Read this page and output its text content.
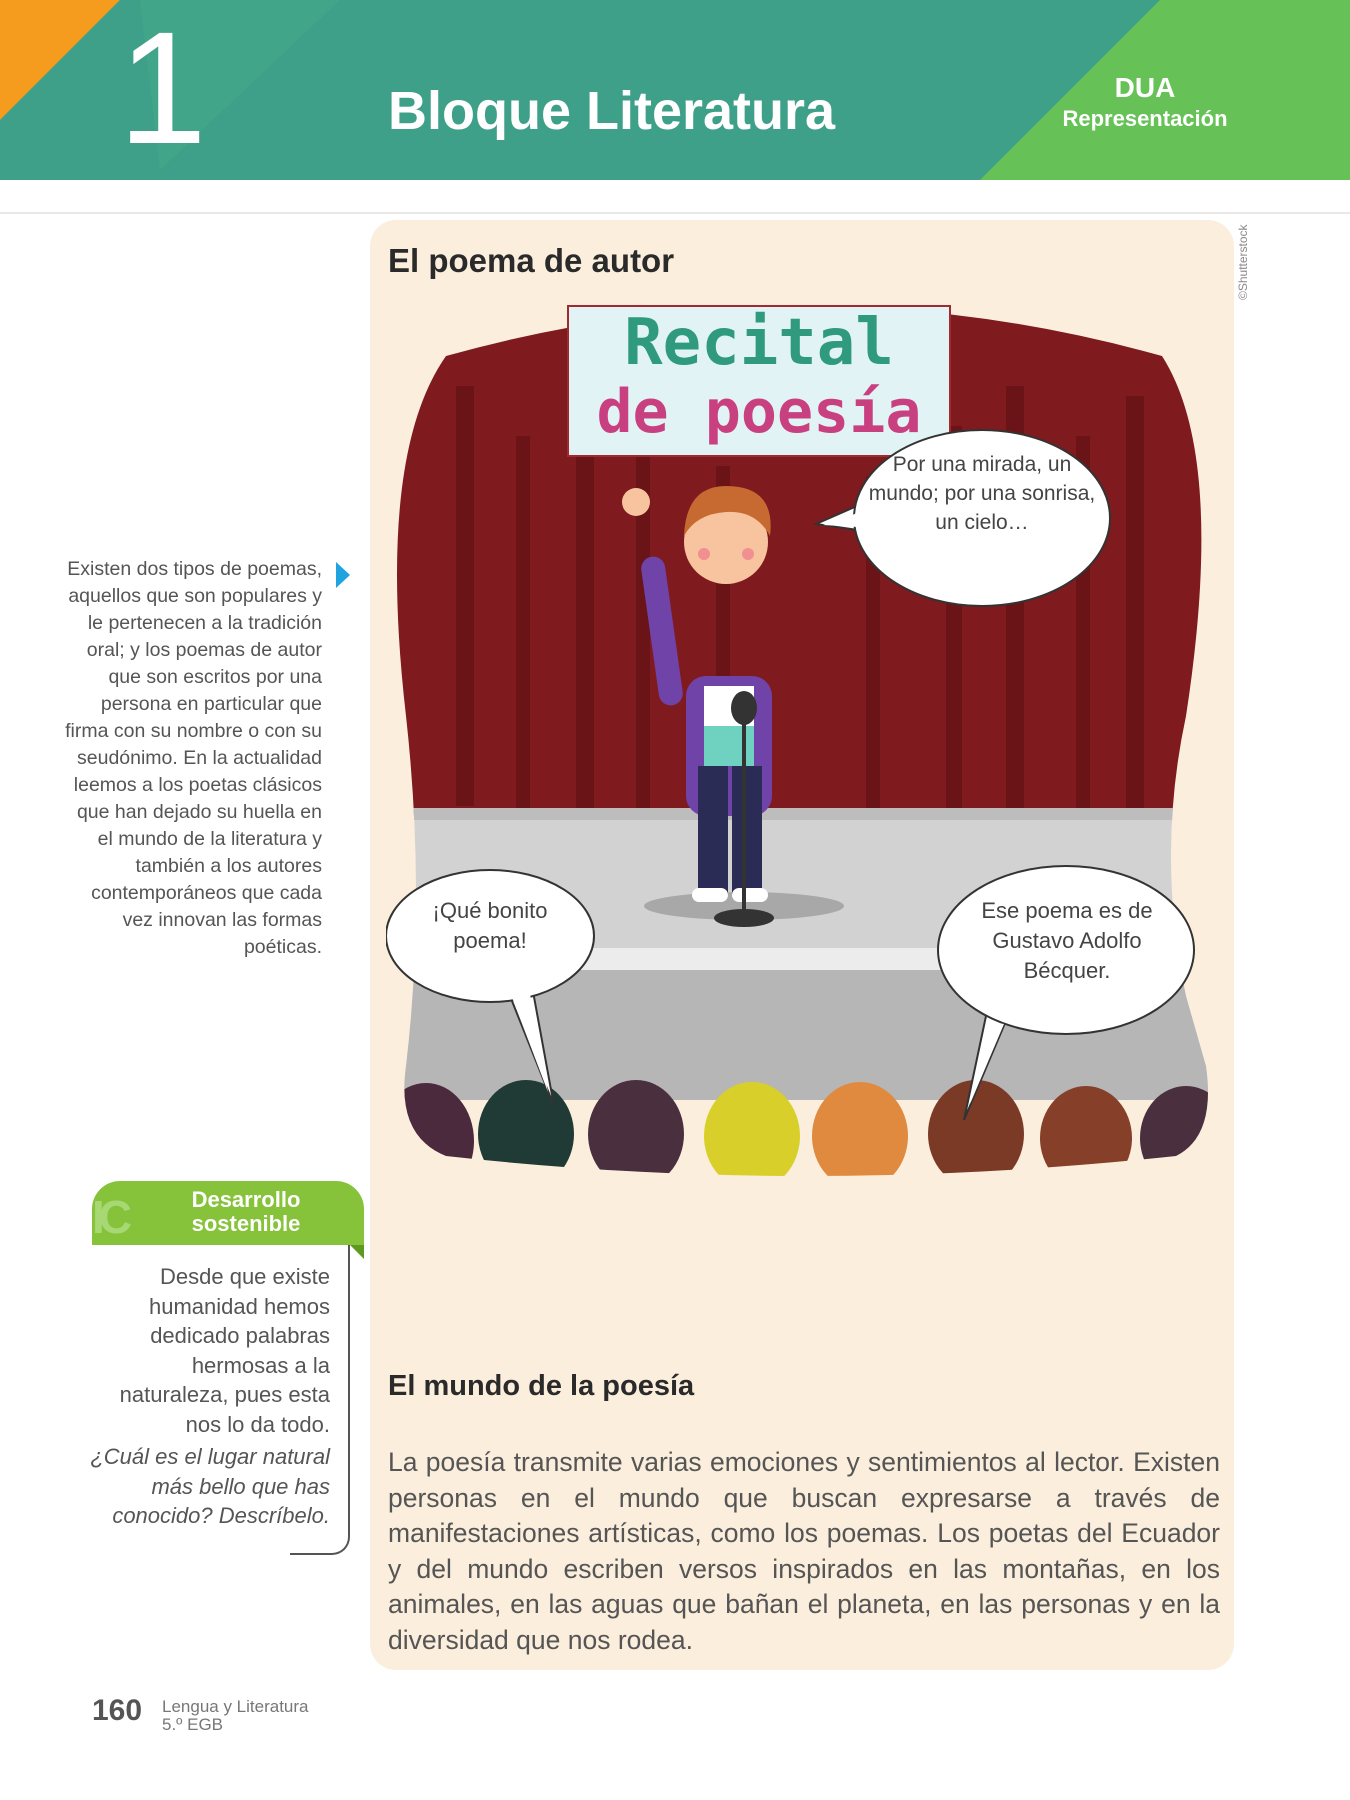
1	Bloque Literatura	DUA
Representación
Existen dos tipos de poemas, aquellos que son populares y le pertenecen a la tradición oral; y los poemas de autor que son escritos por una persona en particular que firma con su nombre o con su seudónimo. En la actualidad leemos a los poetas clásicos que han dejado su huella en el mundo de la literatura y también a los autores contemporáneos que cada vez innovan las formas poéticas.
IC	Desarrollo sostenible
Desde que existe humanidad hemos dedicado palabras hermosas a la naturaleza, pues esta nos lo da todo.
¿Cuál es el lugar natural más bello que has conocido? Descríbelo.
El poema de autor	©Shutterstock
Recital
de poesía
Por una mirada, un mundo; por una sonrisa, un cielo…
¡Qué bonito poema!
Ese poema es de Gustavo Adolfo Bécquer.
El mundo de la poesía
La poesía transmite varias emociones y sentimientos al lector. Existen personas en el mundo que buscan expresarse a través de manifestaciones artísticas, como los poemas. Los poetas del Ecuador y del mundo escriben versos inspirados en las montañas, en los animales, en las aguas que bañan el planeta, en las personas y en la diversidad que nos rodea.
160 Lengua y Literatura
5.º EGB
